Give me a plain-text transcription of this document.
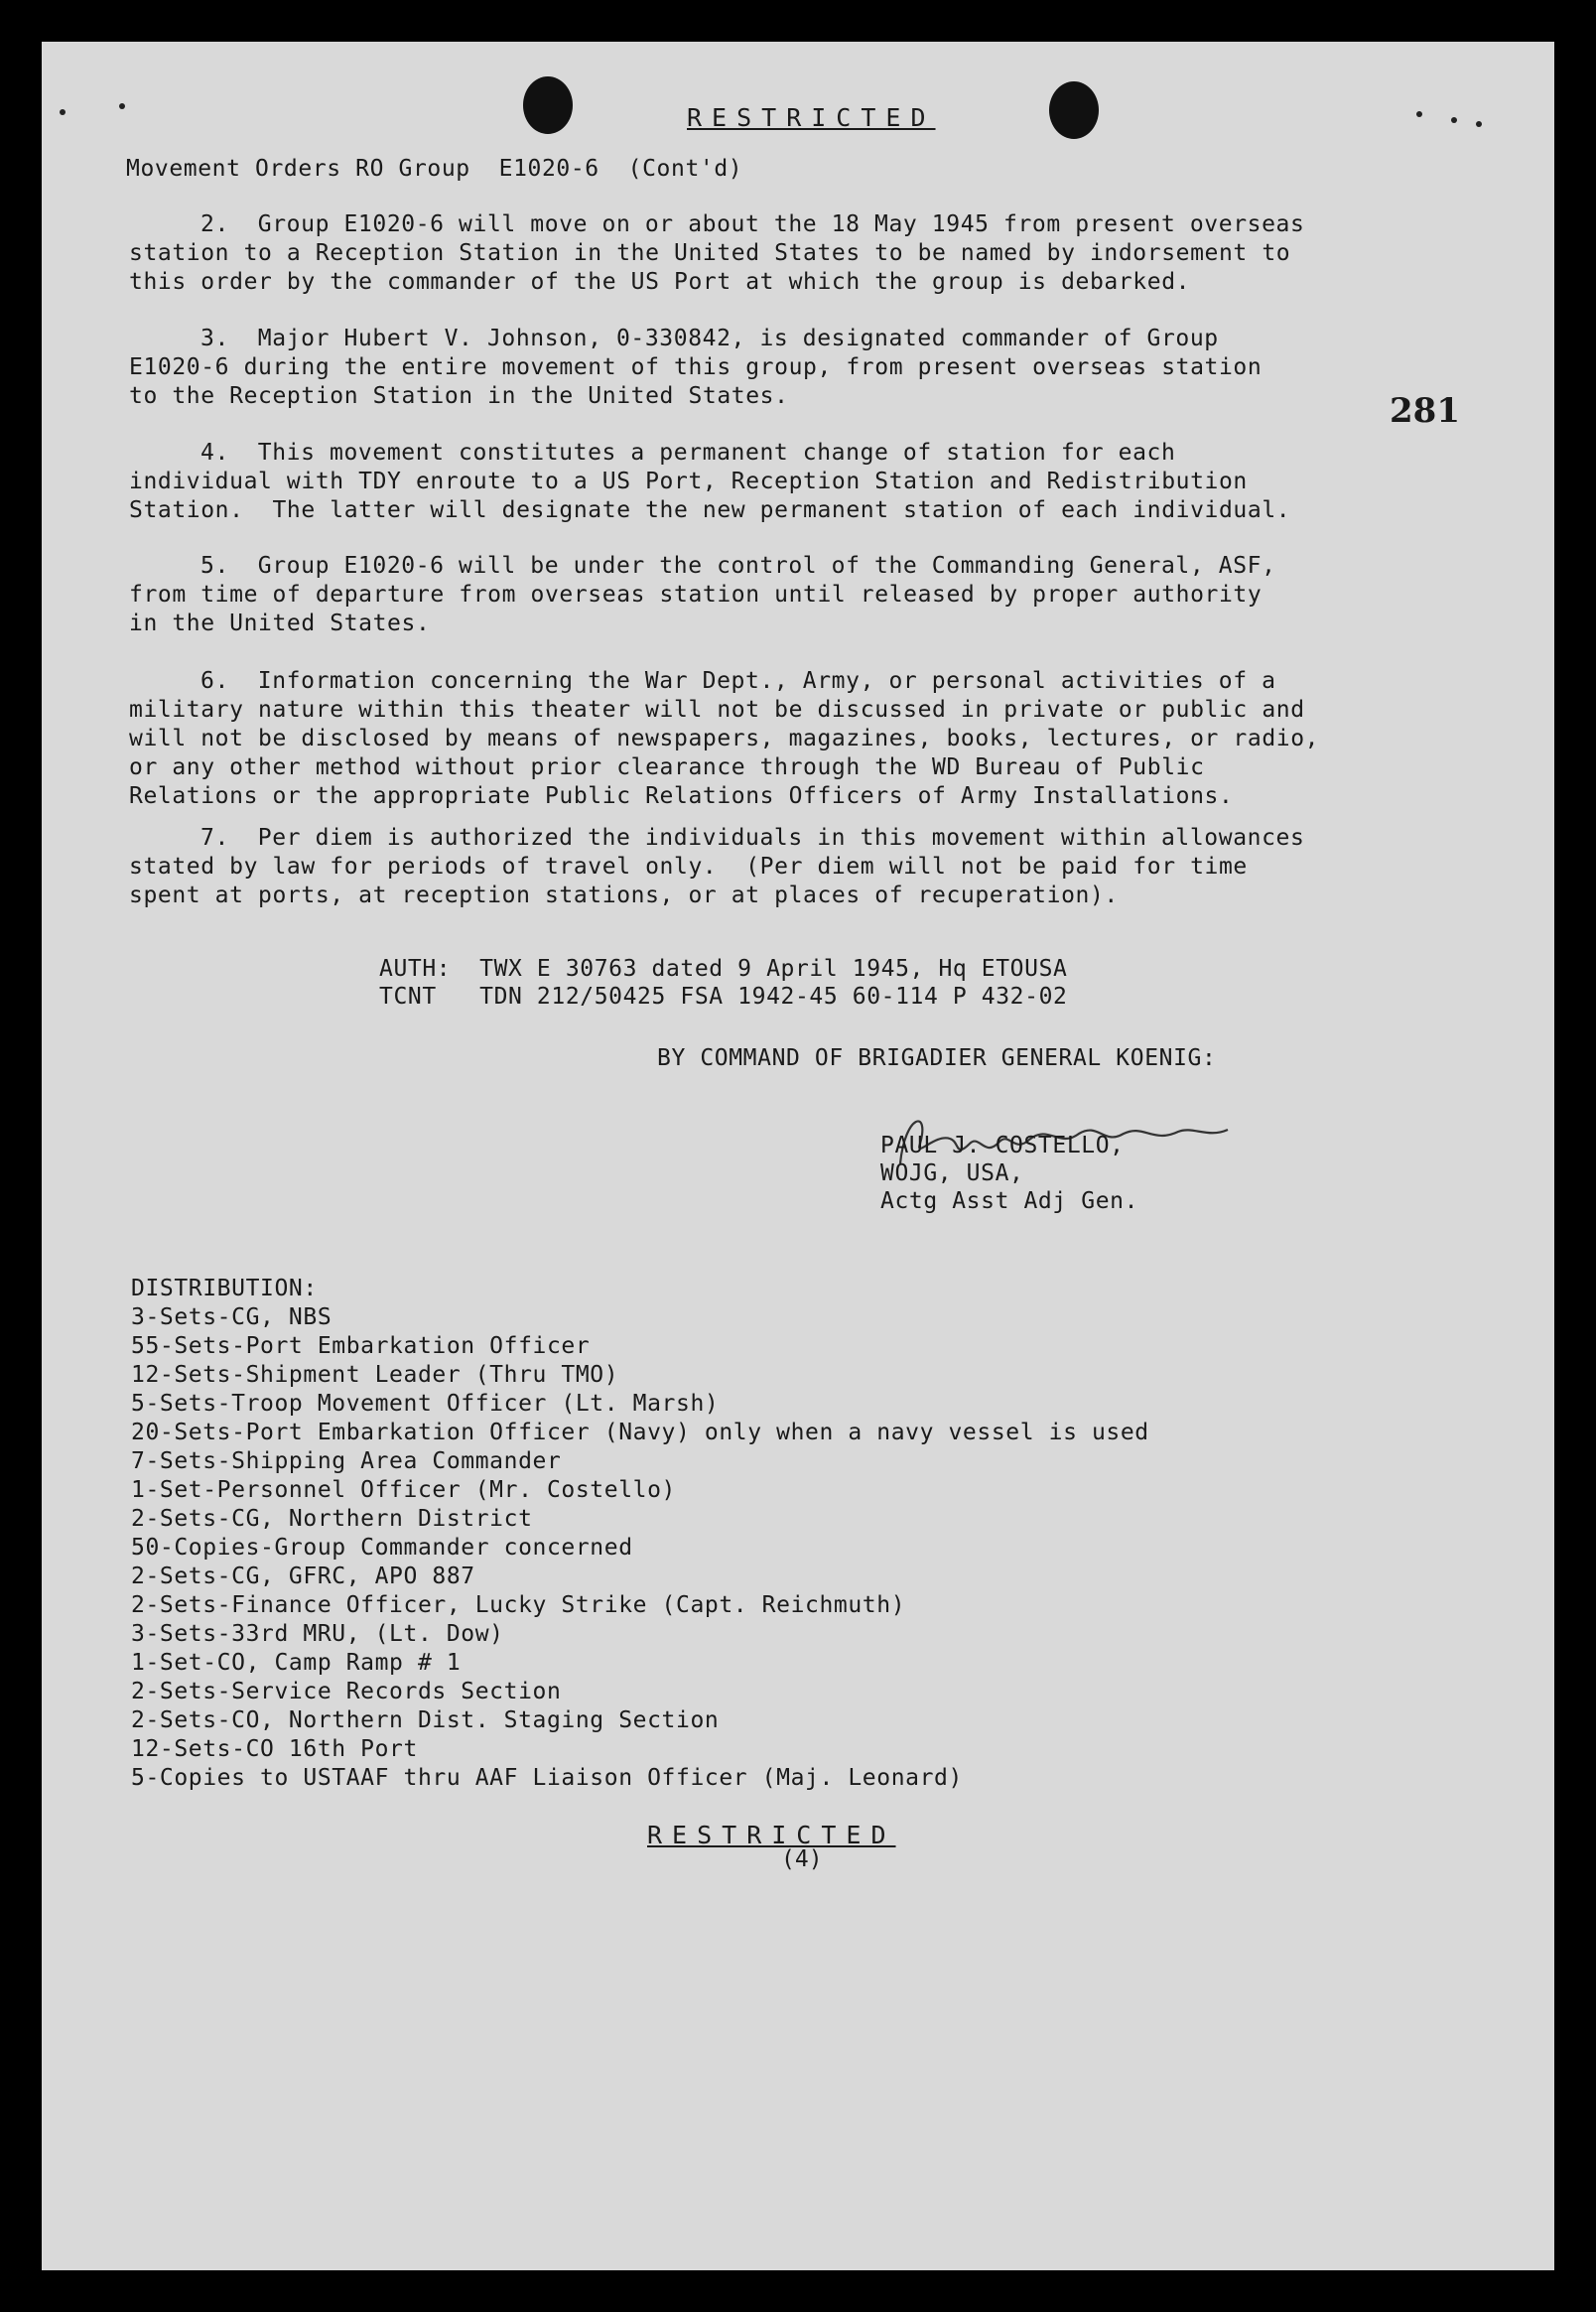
RESTRICTED
Movement Orders RO Group  E1020-6  (Cont'd)
281
2.  Group E1020-6 will move on or about the 18 May 1945 from present overseas
station to a Reception Station in the United States to be named by indorsement to
this order by the commander of the US Port at which the group is debarked.
3.  Major Hubert V. Johnson, 0-330842, is designated commander of Group
E1020-6 during the entire movement of this group, from present overseas station
to the Reception Station in the United States.
4.  This movement constitutes a permanent change of station for each
individual with TDY enroute to a US Port, Reception Station and Redistribution
Station.  The latter will designate the new permanent station of each individual.
5.  Group E1020-6 will be under the control of the Commanding General, ASF,
from time of departure from overseas station until released by proper authority
in the United States.
6.  Information concerning the War Dept., Army, or personal activities of a
military nature within this theater will not be discussed in private or public and
will not be disclosed by means of newspapers, magazines, books, lectures, or radio,
or any other method without prior clearance through the WD Bureau of Public
Relations or the appropriate Public Relations Officers of Army Installations.
7.  Per diem is authorized the individuals in this movement within allowances
stated by law for periods of travel only.  (Per diem will not be paid for time
spent at ports, at reception stations, or at places of recuperation).
AUTH:  TWX E 30763 dated 9 April 1945, Hq ETOUSA
TCNT   TDN 212/50425 FSA 1942-45 60-114 P 432-02
BY COMMAND OF BRIGADIER GENERAL KOENIG:
PAUL J. COSTELLO,
WOJG, USA,
Actg Asst Adj Gen.
DISTRIBUTION:
3-Sets-CG, NBS
55-Sets-Port Embarkation Officer
12-Sets-Shipment Leader (Thru TMO)
5-Sets-Troop Movement Officer (Lt. Marsh)
20-Sets-Port Embarkation Officer (Navy) only when a navy vessel is used
7-Sets-Shipping Area Commander
1-Set-Personnel Officer (Mr. Costello)
2-Sets-CG, Northern District
50-Copies-Group Commander concerned
2-Sets-CG, GFRC, APO 887
2-Sets-Finance Officer, Lucky Strike (Capt. Reichmuth)
3-Sets-33rd MRU, (Lt. Dow)
1-Set-CO, Camp Ramp # 1
2-Sets-Service Records Section
2-Sets-CO, Northern Dist. Staging Section
12-Sets-CO 16th Port
5-Copies to USTAAF thru AAF Liaison Officer (Maj. Leonard)
RESTRICTED
(4)
